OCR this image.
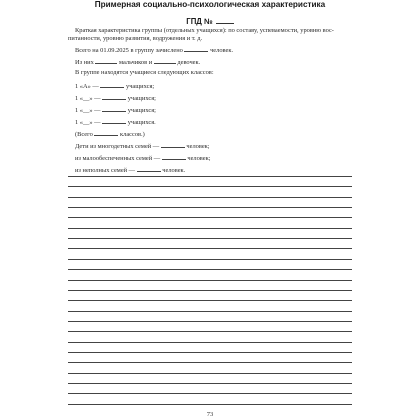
Примерная социально-психологическая характеристика
ГПД №
Краткая характеристика группы (отдельных учащихся): по составу, успеваемости, уровню вос-
питанности, уровню развития, водружения и т. д.
Всего на 01.09.2025 в группу зачислено	человек.
Из них	мальчиков и	девочек.
В группе находятся учащиеся следующих классов:
1 «А» —	учащихся;
1 «__» —	учащихся;
1 «__» —	учащихся;
1 «__» —	учащихся.
(Всего	классов.)
Дети из многодетных семей —	человек;
из малообеспеченных семей —	человек;
из неполных семей —	человек.
73
